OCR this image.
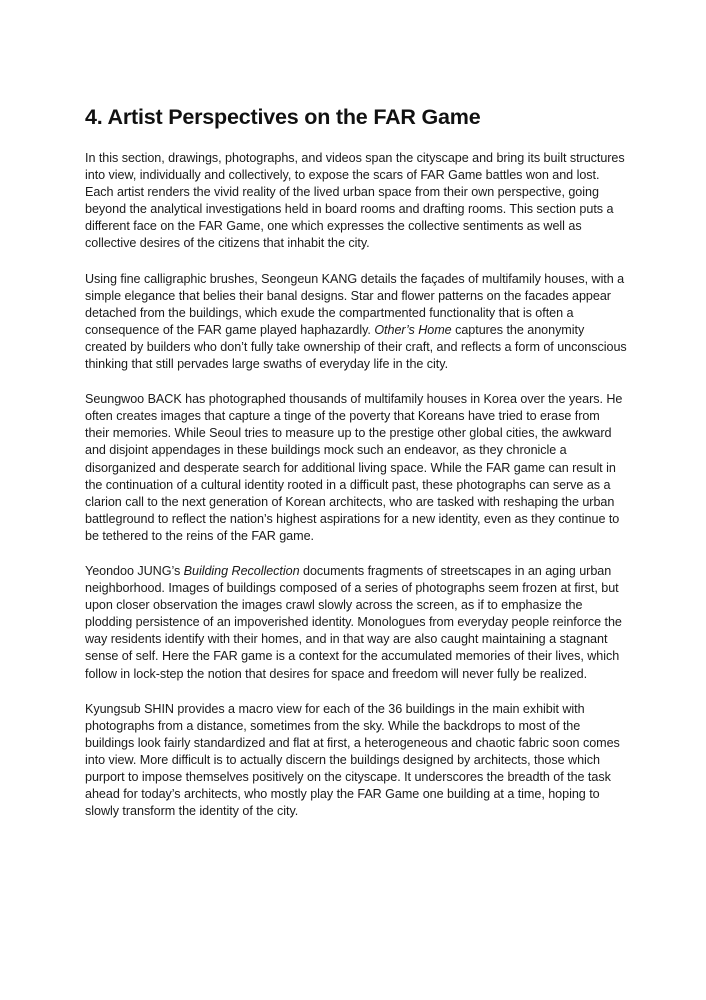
4. Artist Perspectives on the FAR Game

In this section, drawings, photographs, and videos span the cityscape and bring its built structures into view, individually and collectively, to expose the scars of FAR Game battles won and lost. Each artist renders the vivid reality of the lived urban space from their own perspective, going beyond the analytical investigations held in board rooms and drafting rooms. This section puts a different face on the FAR Game, one which expresses the collective sentiments as well as collective desires of the citizens that inhabit the city.

Using fine calligraphic brushes, Seongeun KANG details the façades of multifamily houses, with a simple elegance that belies their banal designs. Star and flower patterns on the facades appear detached from the buildings, which exude the compartmented functionality that is often a consequence of the FAR game played haphazardly. Other’s Home captures the anonymity created by builders who don’t fully take ownership of their craft, and reflects a form of unconscious thinking that still pervades large swaths of everyday life in the city.

Seungwoo BACK has photographed thousands of multifamily houses in Korea over the years. He often creates images that capture a tinge of the poverty that Koreans have tried to erase from their memories. While Seoul tries to measure up to the prestige other global cities, the awkward and disjoint appendages in these buildings mock such an endeavor, as they chronicle a disorganized and desperate search for additional living space. While the FAR game can result in the continuation of a cultural identity rooted in a difficult past, these photographs can serve as a clarion call to the next generation of Korean architects, who are tasked with reshaping the urban battleground to reflect the nation’s highest aspirations for a new identity, even as they continue to be tethered to the reins of the FAR game.

Yeondoo JUNG’s Building Recollection documents fragments of streetscapes in an aging urban neighborhood. Images of buildings composed of a series of photographs seem frozen at first, but upon closer observation the images crawl slowly across the screen, as if to emphasize the plodding persistence of an impoverished identity. Monologues from everyday people reinforce the way residents identify with their homes, and in that way are also caught maintaining a stagnant sense of self. Here the FAR game is a context for the accumulated memories of their lives, which follow in lock-step the notion that desires for space and freedom will never fully be realized.

Kyungsub SHIN provides a macro view for each of the 36 buildings in the main exhibit with photographs from a distance, sometimes from the sky. While the backdrops to most of the buildings look fairly standardized and flat at first, a heterogeneous and chaotic fabric soon comes into view. More difficult is to actually discern the buildings designed by architects, those which purport to impose themselves positively on the cityscape. It underscores the breadth of the task ahead for today’s architects, who mostly play the FAR Game one building at a time, hoping to slowly transform the identity of the city.
